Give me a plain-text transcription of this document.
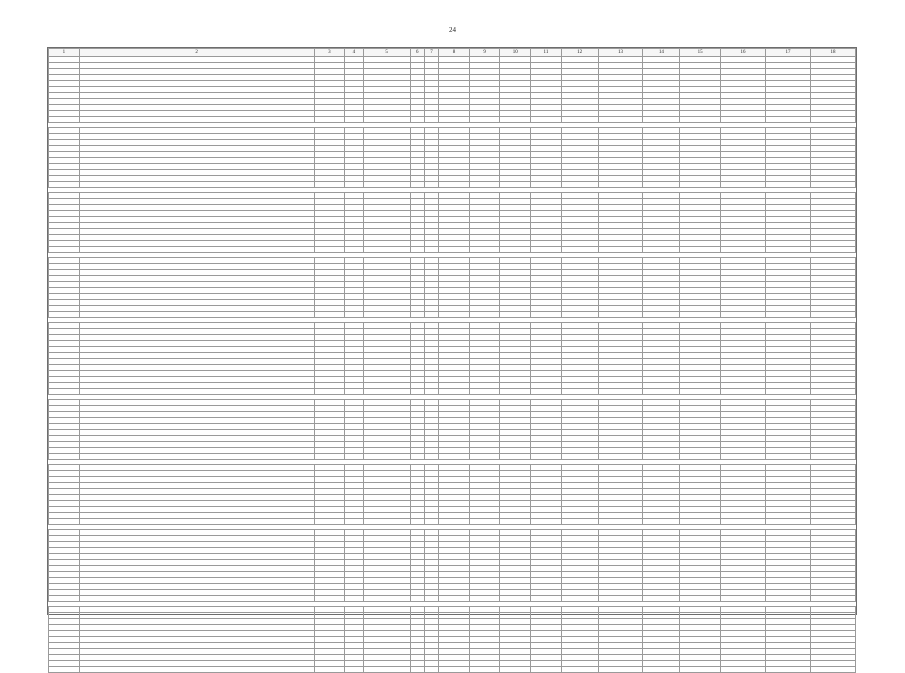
24
1	2	3	4	5	6	7	8	9	10	11	12	13	14	15	16	17	18
